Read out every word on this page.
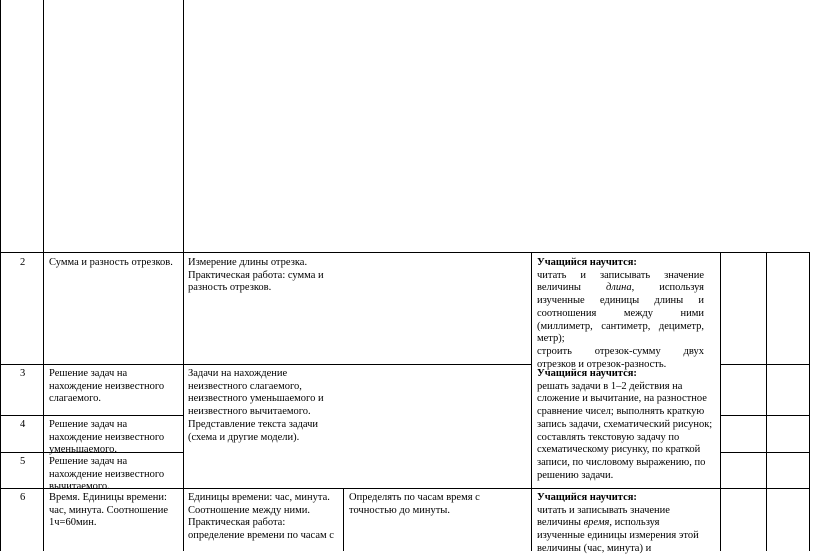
2 Сумма и разность отрезков.	Измерение длины отрезка. Практическая работа: сумма и разность отрезков.
Учащийся научится:
читать и записывать значение
величины длина, используя
изученные единицы длины и
соотношения между ними
(миллиметр, сантиметр, дециметр,
метр);
строить отрезок-сумму двух
отрезков и отрезок-разность.
3 Решение задач на нахождение неизвестного слагаемого.
Задачи на нахождение неизвестного слагаемого, неизвестного уменьшаемого и неизвестного вычитаемого. Представление текста задачи (схема и другие модели).
Учащийся научится:
решать задачи в 1–2 действия на сложение и вычитание, на разностное сравнение чисел; выполнять краткую запись задачи, схематический рисунок; составлять текстовую задачу по схематическому рисунку, по краткой записи, по числовому выражению, по решению задачи.
4 Решение задач на нахождение неизвестного уменьшаемого.
5 Решение задач на нахождение неизвестного вычитаемого.
6 Время. Единицы времени: час, минута. Соотношение 1ч=60мин.
Единицы времени: час, минута. Соотношение между ними. Практическая работа: определение времени по часам с
Определять по часам время с точностью до минуты.
Учащийся научится:
читать и записывать значение
величины время, используя
изученные единицы измерения этой
величины (час, минута) и
